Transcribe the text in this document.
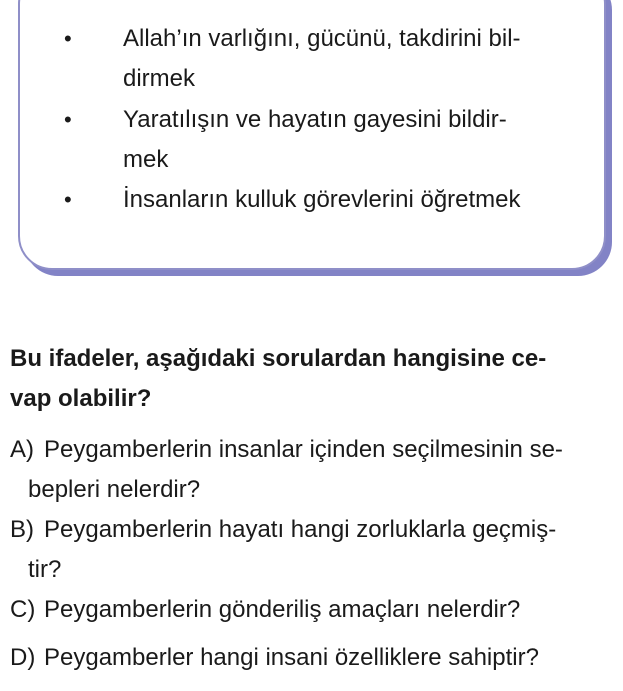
• Allah’ın varlığını, gücünü, takdirini bil-
dirmek
• Yaratılışın ve hayatın gayesini bildir-
mek
• İnsanların kulluk görevlerini öğretmek
Bu ifadeler, aşağıdaki sorulardan hangisine ce-
vap olabilir?
A) Peygamberlerin insanlar içinden seçilmesinin se-
bepleri nelerdir?
B) Peygamberlerin hayatı hangi zorluklarla geçmiş-
tir?
C) Peygamberlerin gönderiliş amaçları nelerdir?
D) Peygamberler hangi insani özelliklere sahiptir?
